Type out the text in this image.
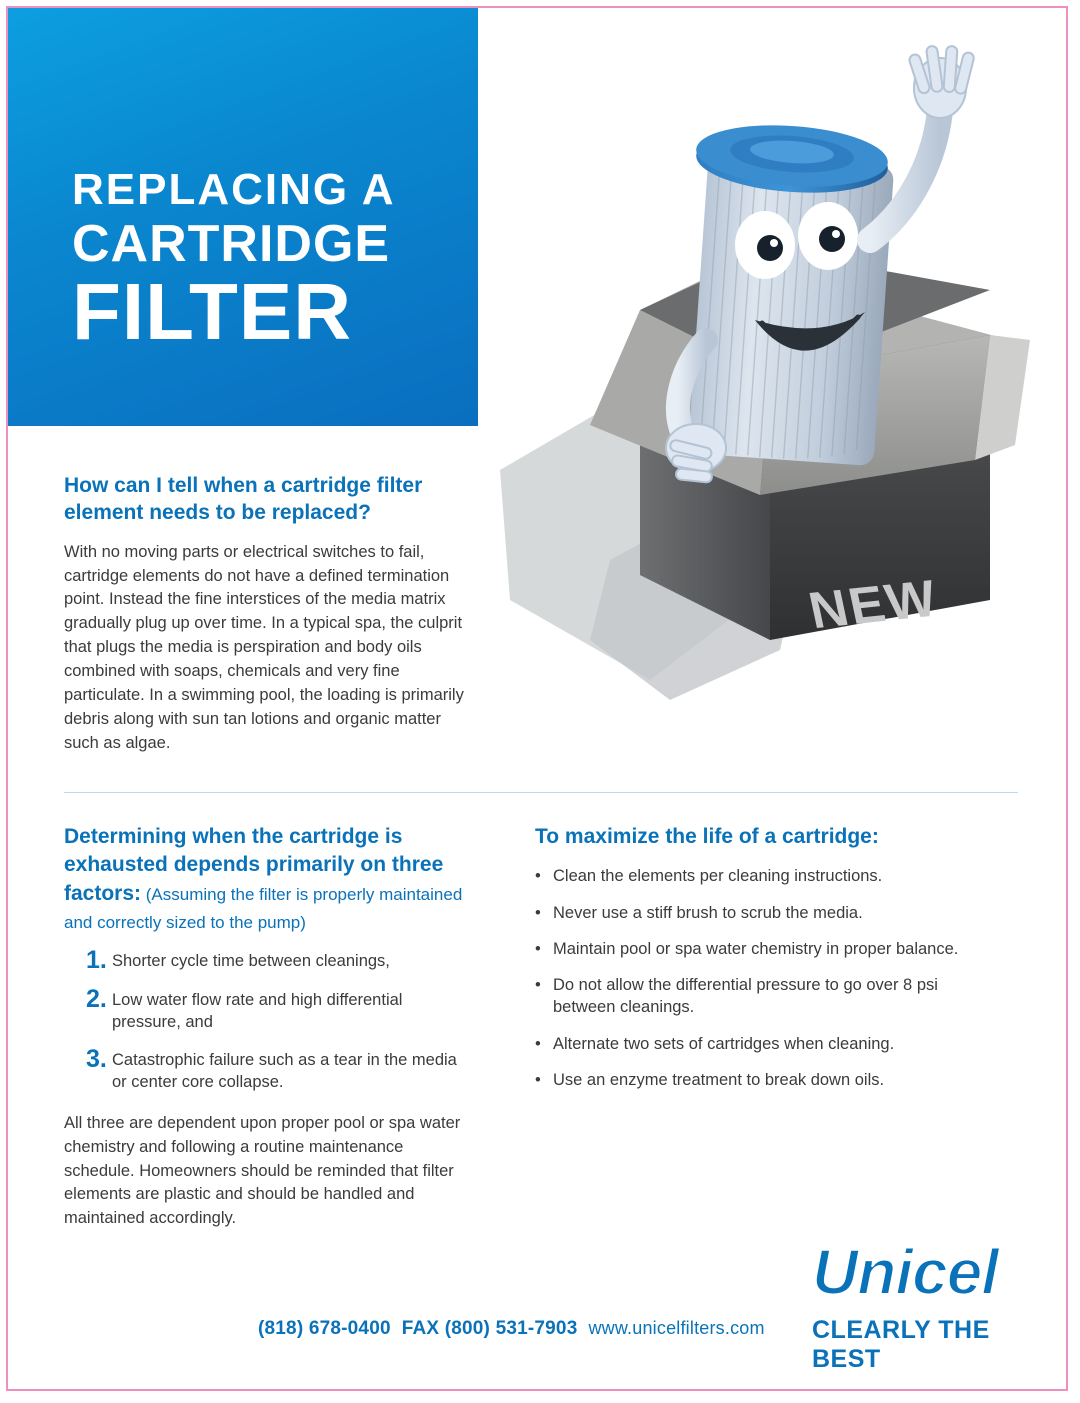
REPLACING A
CARTRIDGE
FILTER
NEW
How can I tell when a cartridge filter element needs to be replaced?

With no moving parts or electrical switches to fail, cartridge elements do not have a defined termination point. Instead the fine interstices of the media matrix gradually plug up over time. In a typical spa, the culprit that plugs the media is perspiration and body oils combined with soaps, chemicals and very fine particulate. In a swimming pool, the loading is primarily debris along with sun tan lotions and organic matter such as algae.

Determining when the cartridge is exhausted depends primarily on three factors: (Assuming the filter is properly maintained and correctly sized to the pump)
1. Shorter cycle time between cleanings,
2. Low water flow rate and high differential pressure, and
3. Catastrophic failure such as a tear in the media or center core collapse.

All three are dependent upon proper pool or spa water chemistry and following a routine maintenance schedule. Homeowners should be reminded that filter elements are plastic and should be handled and maintained accordingly.

To maximize the life of a cartridge:
• Clean the elements per cleaning instructions.
• Never use a stiff brush to scrub the media.
• Maintain pool or spa water chemistry in proper balance.
• Do not allow the differential pressure to go over 8 psi between cleanings.
• Alternate two sets of cartridges when cleaning.
• Use an enzyme treatment to break down oils.
(818) 678-0400 FAX (800) 531-7903 www.unicelfilters.com
Unicel ®
CLEARLY THE BEST
